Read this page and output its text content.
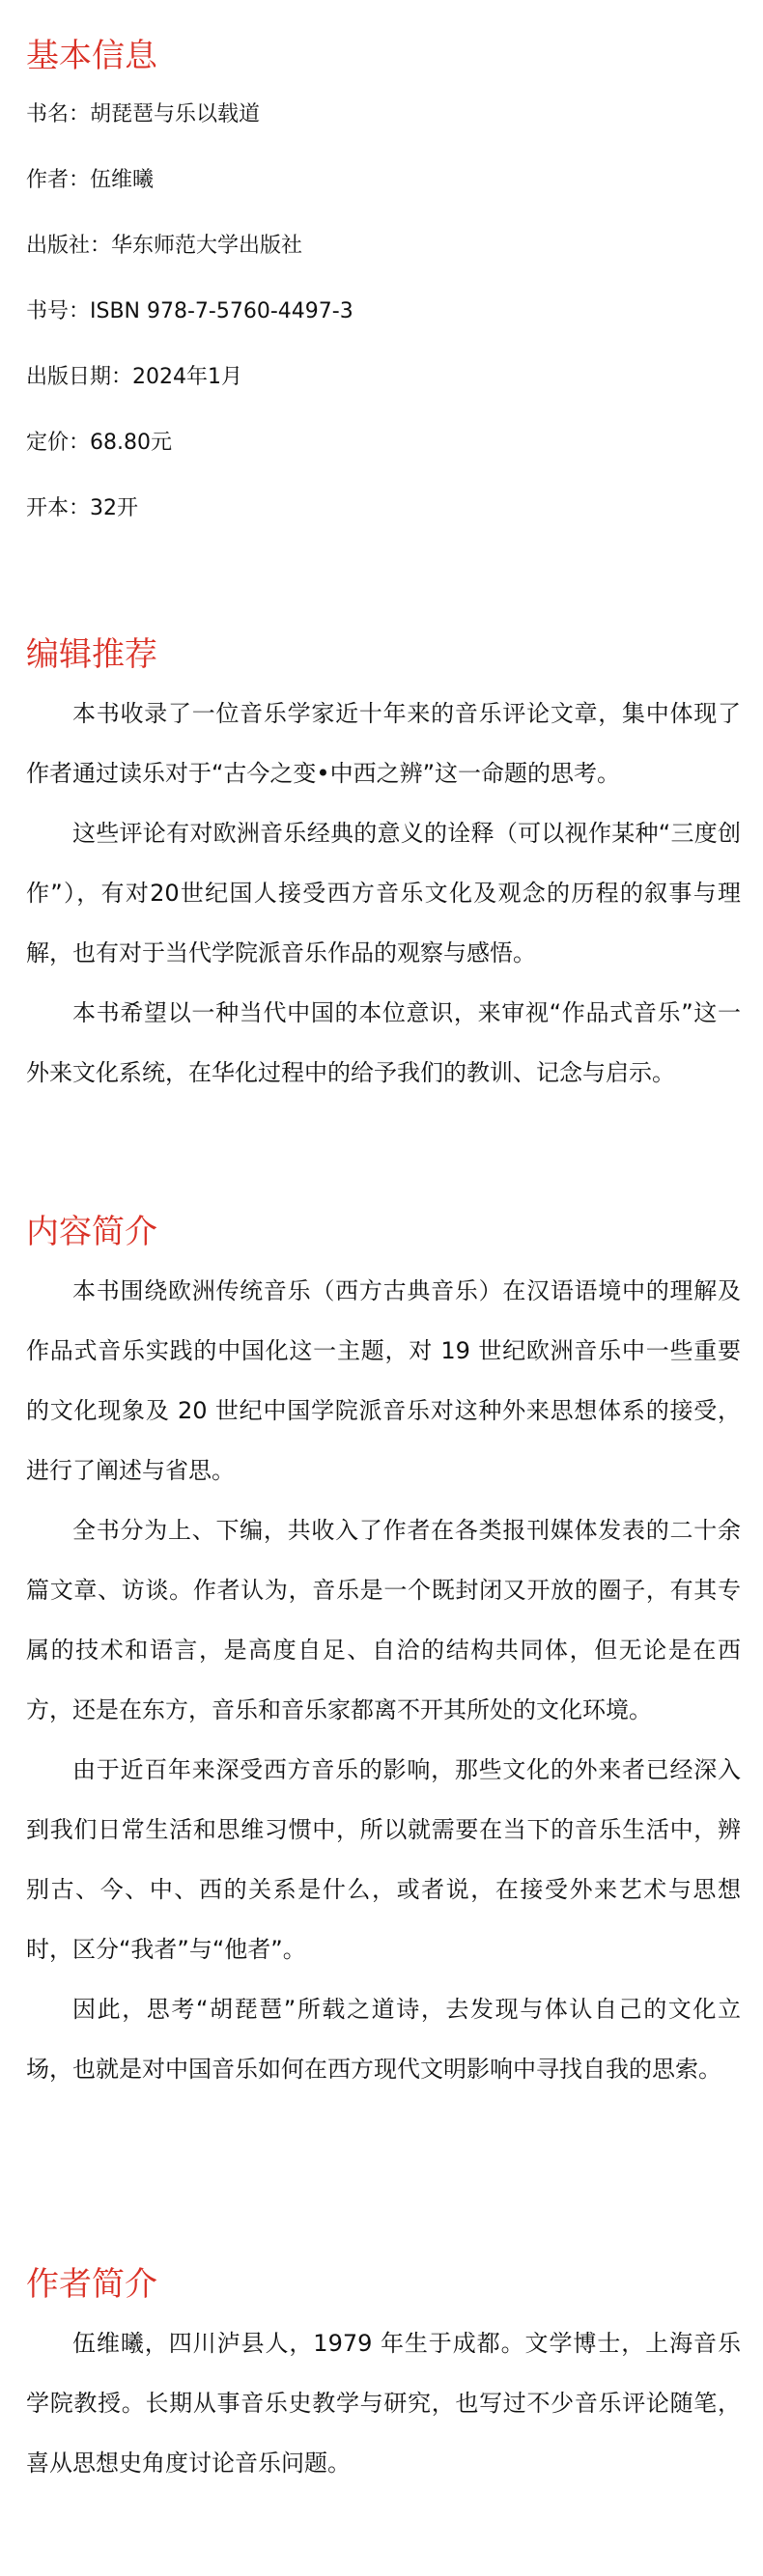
基本信息

书名：胡琵琶与乐以载道

作者：伍维曦

出版社：华东师范大学出版社

书号：ISBN 978-7-5760-4497-3

出版日期：2024年1月

定价：68.80元

开本：32开

编辑推荐

本书收录了一位音乐学家近十年来的音乐评论文章，集中体现了作者通过读乐对于“古今之变•中西之辨”这一命题的思考。

这些评论有对欧洲音乐经典的意义的诠释（可以视作某种“三度创作”），有对20世纪国人接受西方音乐文化及观念的历程的叙事与理解，也有对于当代学院派音乐作品的观察与感悟。

本书希望以一种当代中国的本位意识，来审视“作品式音乐”这一外来文化系统，在华化过程中的给予我们的教训、记念与启示。

内容简介

本书围绕欧洲传统音乐（西方古典音乐）在汉语语境中的理解及作品式音乐实践的中国化这一主题，对 19 世纪欧洲音乐中一些重要的文化现象及 20 世纪中国学院派音乐对这种外来思想体系的接受，进行了阐述与省思。

全书分为上、下编，共收入了作者在各类报刊媒体发表的二十余篇文章、访谈。作者认为，音乐是一个既封闭又开放的圈子，有其专属的技术和语言，是高度自足、自洽的结构共同体，但无论是在西方，还是在东方，音乐和音乐家都离不开其所处的文化环境。

由于近百年来深受西方音乐的影响，那些文化的外来者已经深入到我们日常生活和思维习惯中，所以就需要在当下的音乐生活中，辨别古、今、中、西的关系是什么，或者说，在接受外来艺术与思想时，区分“我者”与“他者”。

因此，思考“胡琵琶”所载之道诗，去发现与体认自己的文化立场，也就是对中国音乐如何在西方现代文明影响中寻找自我的思索。

作者简介

伍维曦，四川泸县人，1979 年生于成都。文学博士，上海音乐学院教授。长期从事音乐史教学与研究，也写过不少音乐评论随笔，喜从思想史角度讨论音乐问题。
